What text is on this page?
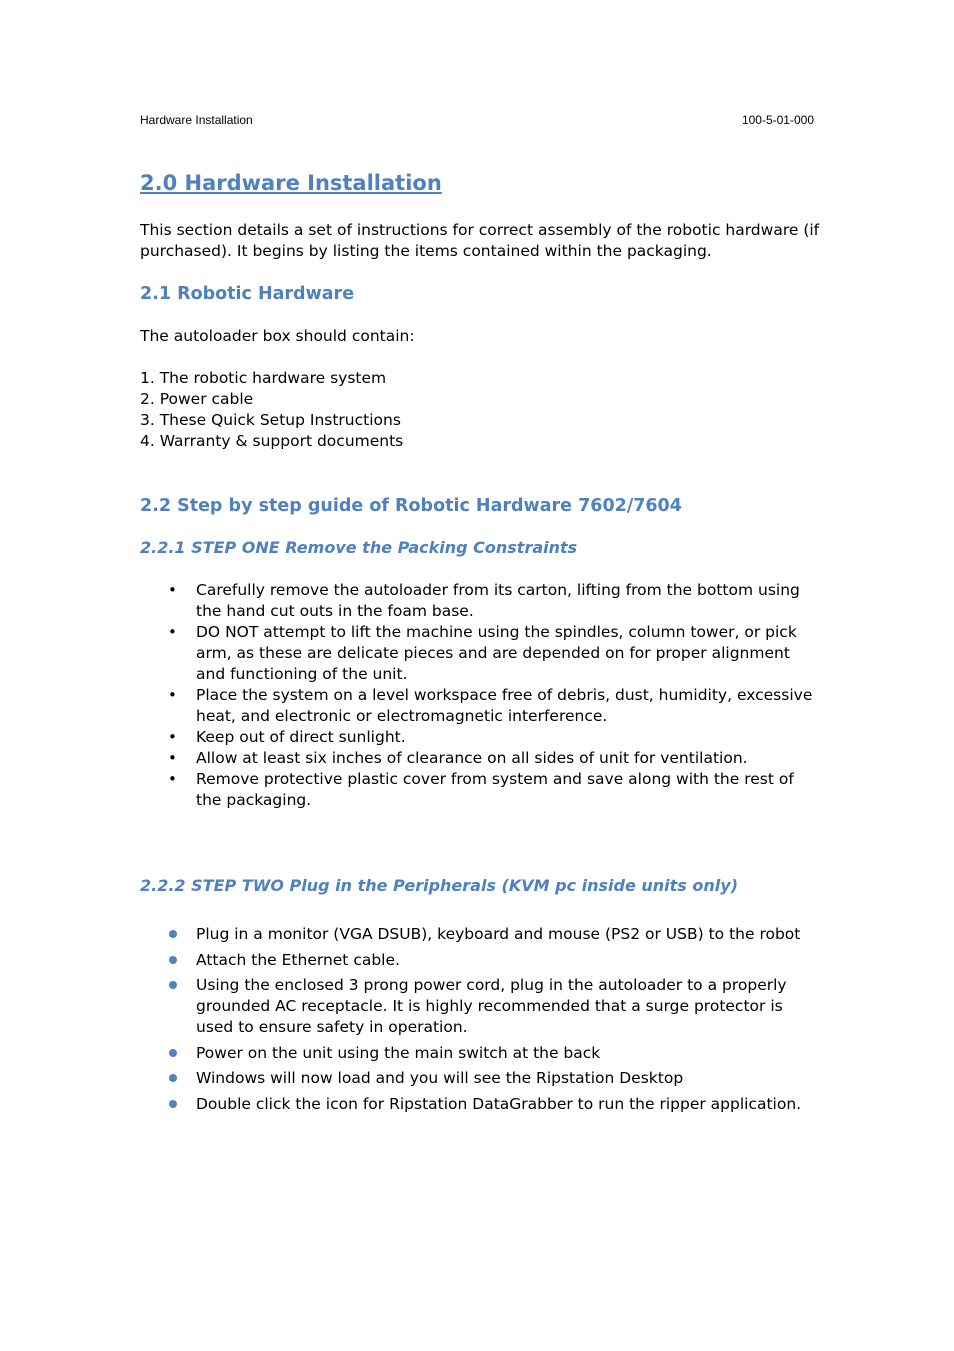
Hardware Installation	100-5-01-000
2.0 Hardware Installation

This section details a set of instructions for correct assembly of the robotic hardware (if purchased). It begins by listing the items contained within the packaging.

2.1 Robotic Hardware

The autoloader box should contain:

1. The robotic hardware system
2. Power cable
3. These Quick Setup Instructions
4. Warranty & support documents
2.2 Step by step guide of Robotic Hardware 7602/7604
2.2.1 STEP ONE Remove the Packing Constraints
•	Carefully remove the autoloader from its carton, lifting from the bottom using the hand cut outs in the foam base.
•	DO NOT attempt to lift the machine using the spindles, column tower, or pick arm, as these are delicate pieces and are depended on for proper alignment and functioning of the unit.
•	Place the system on a level workspace free of debris, dust, humidity, excessive heat, and electronic or electromagnetic interference.
•	Keep out of direct sunlight.
•	Allow at least six inches of clearance on all sides of unit for ventilation.
•	Remove protective plastic cover from system and save along with the rest of the packaging.
2.2.2 STEP TWO Plug in the Peripherals (KVM pc inside units only)
Plug in a monitor (VGA DSUB), keyboard and mouse (PS2 or USB) to the robot
Attach the Ethernet cable.
Using the enclosed 3 prong power cord, plug in the autoloader to a properly grounded AC receptacle. It is highly recommended that a surge protector is used to ensure safety in operation.
Power on the unit using the main switch at the back
Windows will now load and you will see the Ripstation Desktop
Double click the icon for Ripstation DataGrabber to run the ripper application.
